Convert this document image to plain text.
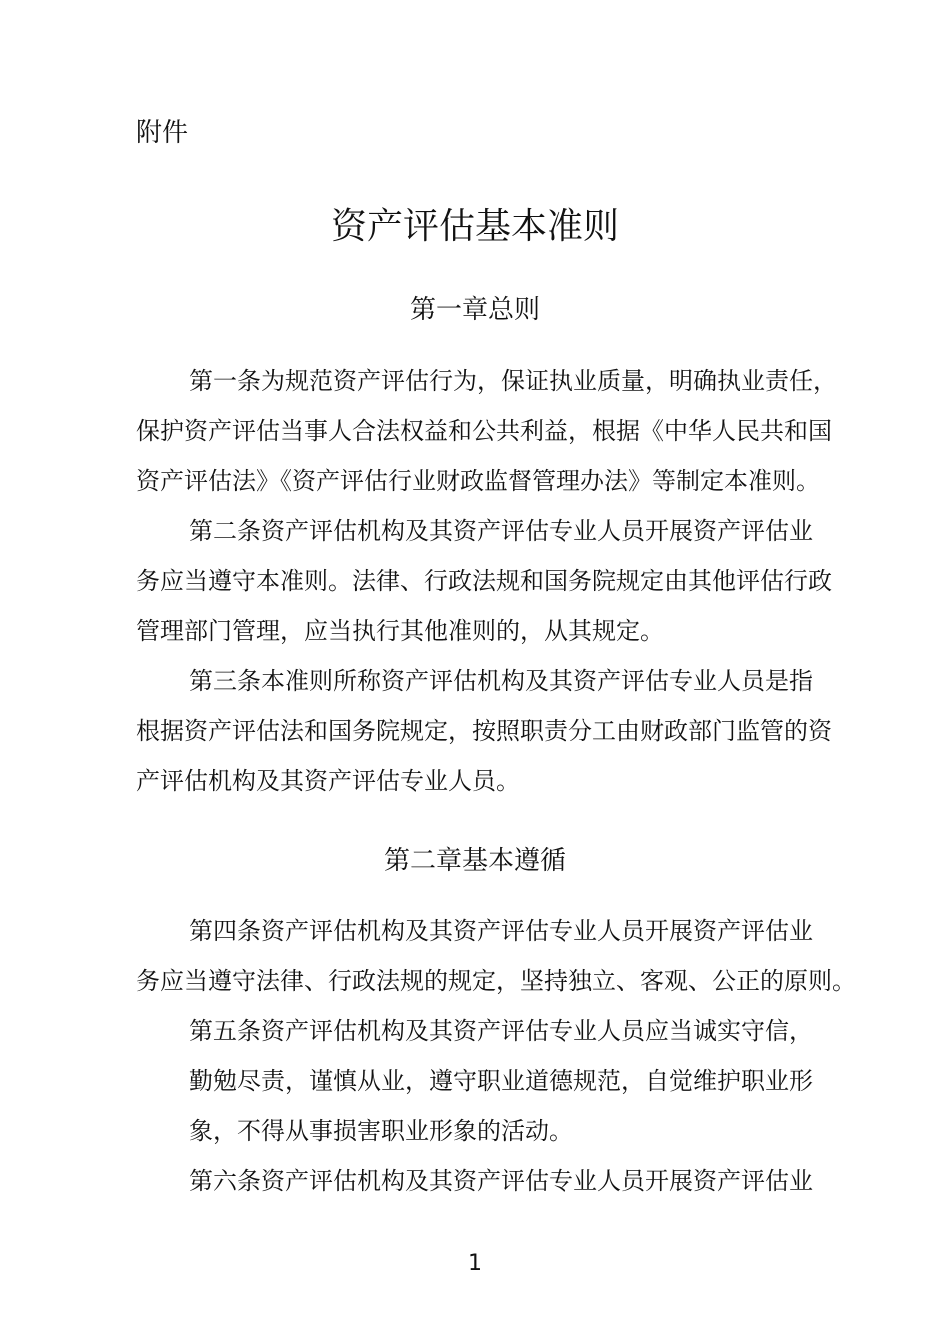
附件
资产评估基本准则
第一章总则
第一条为规范资产评估行为，保证执业质量，明确执业责任，
保护资产评估当事人合法权益和公共利益，根据《中华人民共和国
资产评估法》《资产评估行业财政监督管理办法》等制定本准则。
第二条资产评估机构及其资产评估专业人员开展资产评估业
务应当遵守本准则。法律、行政法规和国务院规定由其他评估行政
管理部门管理，应当执行其他准则的，从其规定。
第三条本准则所称资产评估机构及其资产评估专业人员是指
根据资产评估法和国务院规定，按照职责分工由财政部门监管的资
产评估机构及其资产评估专业人员。
第二章基本遵循
第四条资产评估机构及其资产评估专业人员开展资产评估业
务应当遵守法律、行政法规的规定，坚持独立、客观、公正的原则。
第五条资产评估机构及其资产评估专业人员应当诚实守信，
勤勉尽责，谨慎从业，遵守职业道德规范，自觉维护职业形
象，不得从事损害职业形象的活动。
第六条资产评估机构及其资产评估专业人员开展资产评估业
1
